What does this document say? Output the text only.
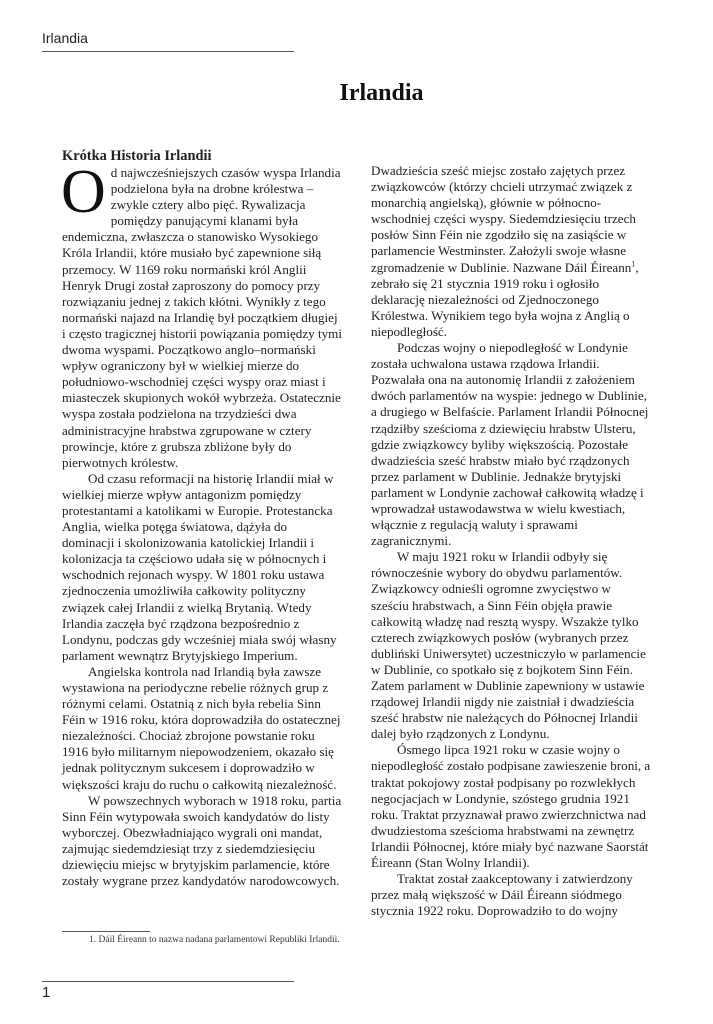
Irlandia
Irlandia
Krótka Historia Irlandii

Od najwcześniejszych czasów wyspa Irlandia podzielona była na drobne królestwa – zwykle cztery albo pięć. Rywalizacja pomiędzy panującymi klanami była endemiczna, zwłaszcza o stanowisko Wysokiego Króla Irlandii, które musiało być zapewnione siłą przemocy. W 1169 roku normański król Anglii Henryk Drugi został zaproszony do pomocy przy rozwiązaniu jednej z takich kłótni. Wynikły z tego normański najazd na Irlandię był początkiem długiej i często tragicznej historii powiązania pomiędzy tymi dwoma wyspami. Początkowo anglo–normański wpływ ograniczony był w wielkiej mierze do południowo-wschodniej części wyspy oraz miast i miasteczek skupionych wokół wybrzeża. Ostatecznie wyspa została podzielona na trzydzieści dwa administracyjne hrabstwa zgrupowane w cztery prowincje, które z grubsza zbliżone były do pierwotnych królestw.

Od czasu reformacji na historię Irlandii miał w wielkiej mierze wpływ antagonizm pomiędzy protestantami a katolikami w Europie. Protestancka Anglia, wielka potęga światowa, dążyła do dominacji i skolonizowania katolickiej Irlandii i kolonizacja ta częściowo udała się w północnych i wschodnich rejonach wyspy. W 1801 roku ustawa zjednoczenia umożliwiła całkowity polityczny związek całej Irlandii z wielką Brytanią. Wtedy Irlandia zaczęła być rządzona bezpośrednio z Londynu, podczas gdy wcześniej miała swój własny parlament wewnątrz Brytyjskiego Imperium.

Angielska kontrola nad Irlandią była zawsze wystawiona na periodyczne rebelie różnych grup z różnymi celami. Ostatnią z nich była rebelia Sinn Féin w 1916 roku, która doprowadziła do ostatecznej niezależności. Chociaż zbrojone powstanie roku 1916 było militarnym niepowodzeniem, okazało się jednak politycznym sukcesem i doprowadziło w większości kraju do ruchu o całkowitą niezależność.

W powszechnych wyborach w 1918 roku, partia Sinn Féin wytypowała swoich kandydatów do listy wyborczej. Obezwładniająco wygrali oni mandat, zajmując siedemdziesiąt trzy z siedemdziesięciu dziewięciu miejsc w brytyjskim parlamencie, które zostały wygrane przez kandydatów narodowcowych.

Dwadzieścia sześć miejsc zostało zajętych przez związkowców (którzy chcieli utrzymać związek z monarchią angielską), głównie w północno-wschodniej części wyspy. Siedemdziesięciu trzech posłów Sinn Féin nie zgodziło się na zasiąście w parlamencie Westminster. Założyli swoje własne zgromadzenie w Dublinie. Nazwane Dáil Éireann$^1$, zebrało się 21 stycznia 1919 roku i ogłosiło deklarację niezależności od Zjednoczonego Królestwa. Wynikiem tego była wojna z Anglią o niepodległość.

Podczas wojny o niepodległość w Londynie została uchwalona ustawa rządowa Irlandii. Pozwalała ona na autonomię Irlandii z założeniem dwóch parlamentów na wyspie: jednego w Dublinie, a drugiego w Belfaście. Parlament Irlandii Północnej rządziłby sześcioma z dziewięciu hrabstw Ulsteru, gdzie związkowcy byliby większością. Pozostałe dwadzieścia sześć hrabstw miało być rządzonych przez parlament w Dublinie. Jednakże brytyjski parlament w Londynie zachował całkowitą władzę i wprowadzał ustawodawstwa w wielu kwestiach, włącznie z regulacją waluty i sprawami zagranicznymi.

W maju 1921 roku w Irlandii odbyły się równocześnie wybory do obydwu parlamentów. Związkowcy odnieśli ogromne zwycięstwo w sześciu hrabstwach, a Sinn Féin objęła prawie całkowitą władzę nad resztą wyspy. Wszakże tylko czterech związkowych posłów (wybranych przez dubliński Uniwersytet) uczestniczyło w parlamencie w Dublinie, co spotkało się z bojkotem Sinn Féin. Zatem parlament w Dublinie zapewniony w ustawie rządowej Irlandii nigdy nie zaistniał i dwadzieścia sześć hrabstw nie należących do Północnej Irlandii dalej było rządzonych z Londynu.

Ósmego lipca 1921 roku w czasie wojny o niepodległość zostało podpisane zawieszenie broni, a traktat pokojowy został podpisany po rozwlekłych negocjacjach w Londynie, szóstego grudnia 1921 roku. Traktat przyznawał prawo zwierzchnictwa nad dwudziestoma sześcioma hrabstwami na zewnętrz Irlandii Północnej, które miały być nazwane Saorstát Éireann (Stan Wolny Irlandii).

Traktat został zaakceptowany i zatwierdzony przez małą większość w Dáil Éireann siódmego stycznia 1922 roku. Doprowadziło to do wojny

1. Dáil Éireann to nazwa nadana parlamentowi Republiki Irlandii.
1
